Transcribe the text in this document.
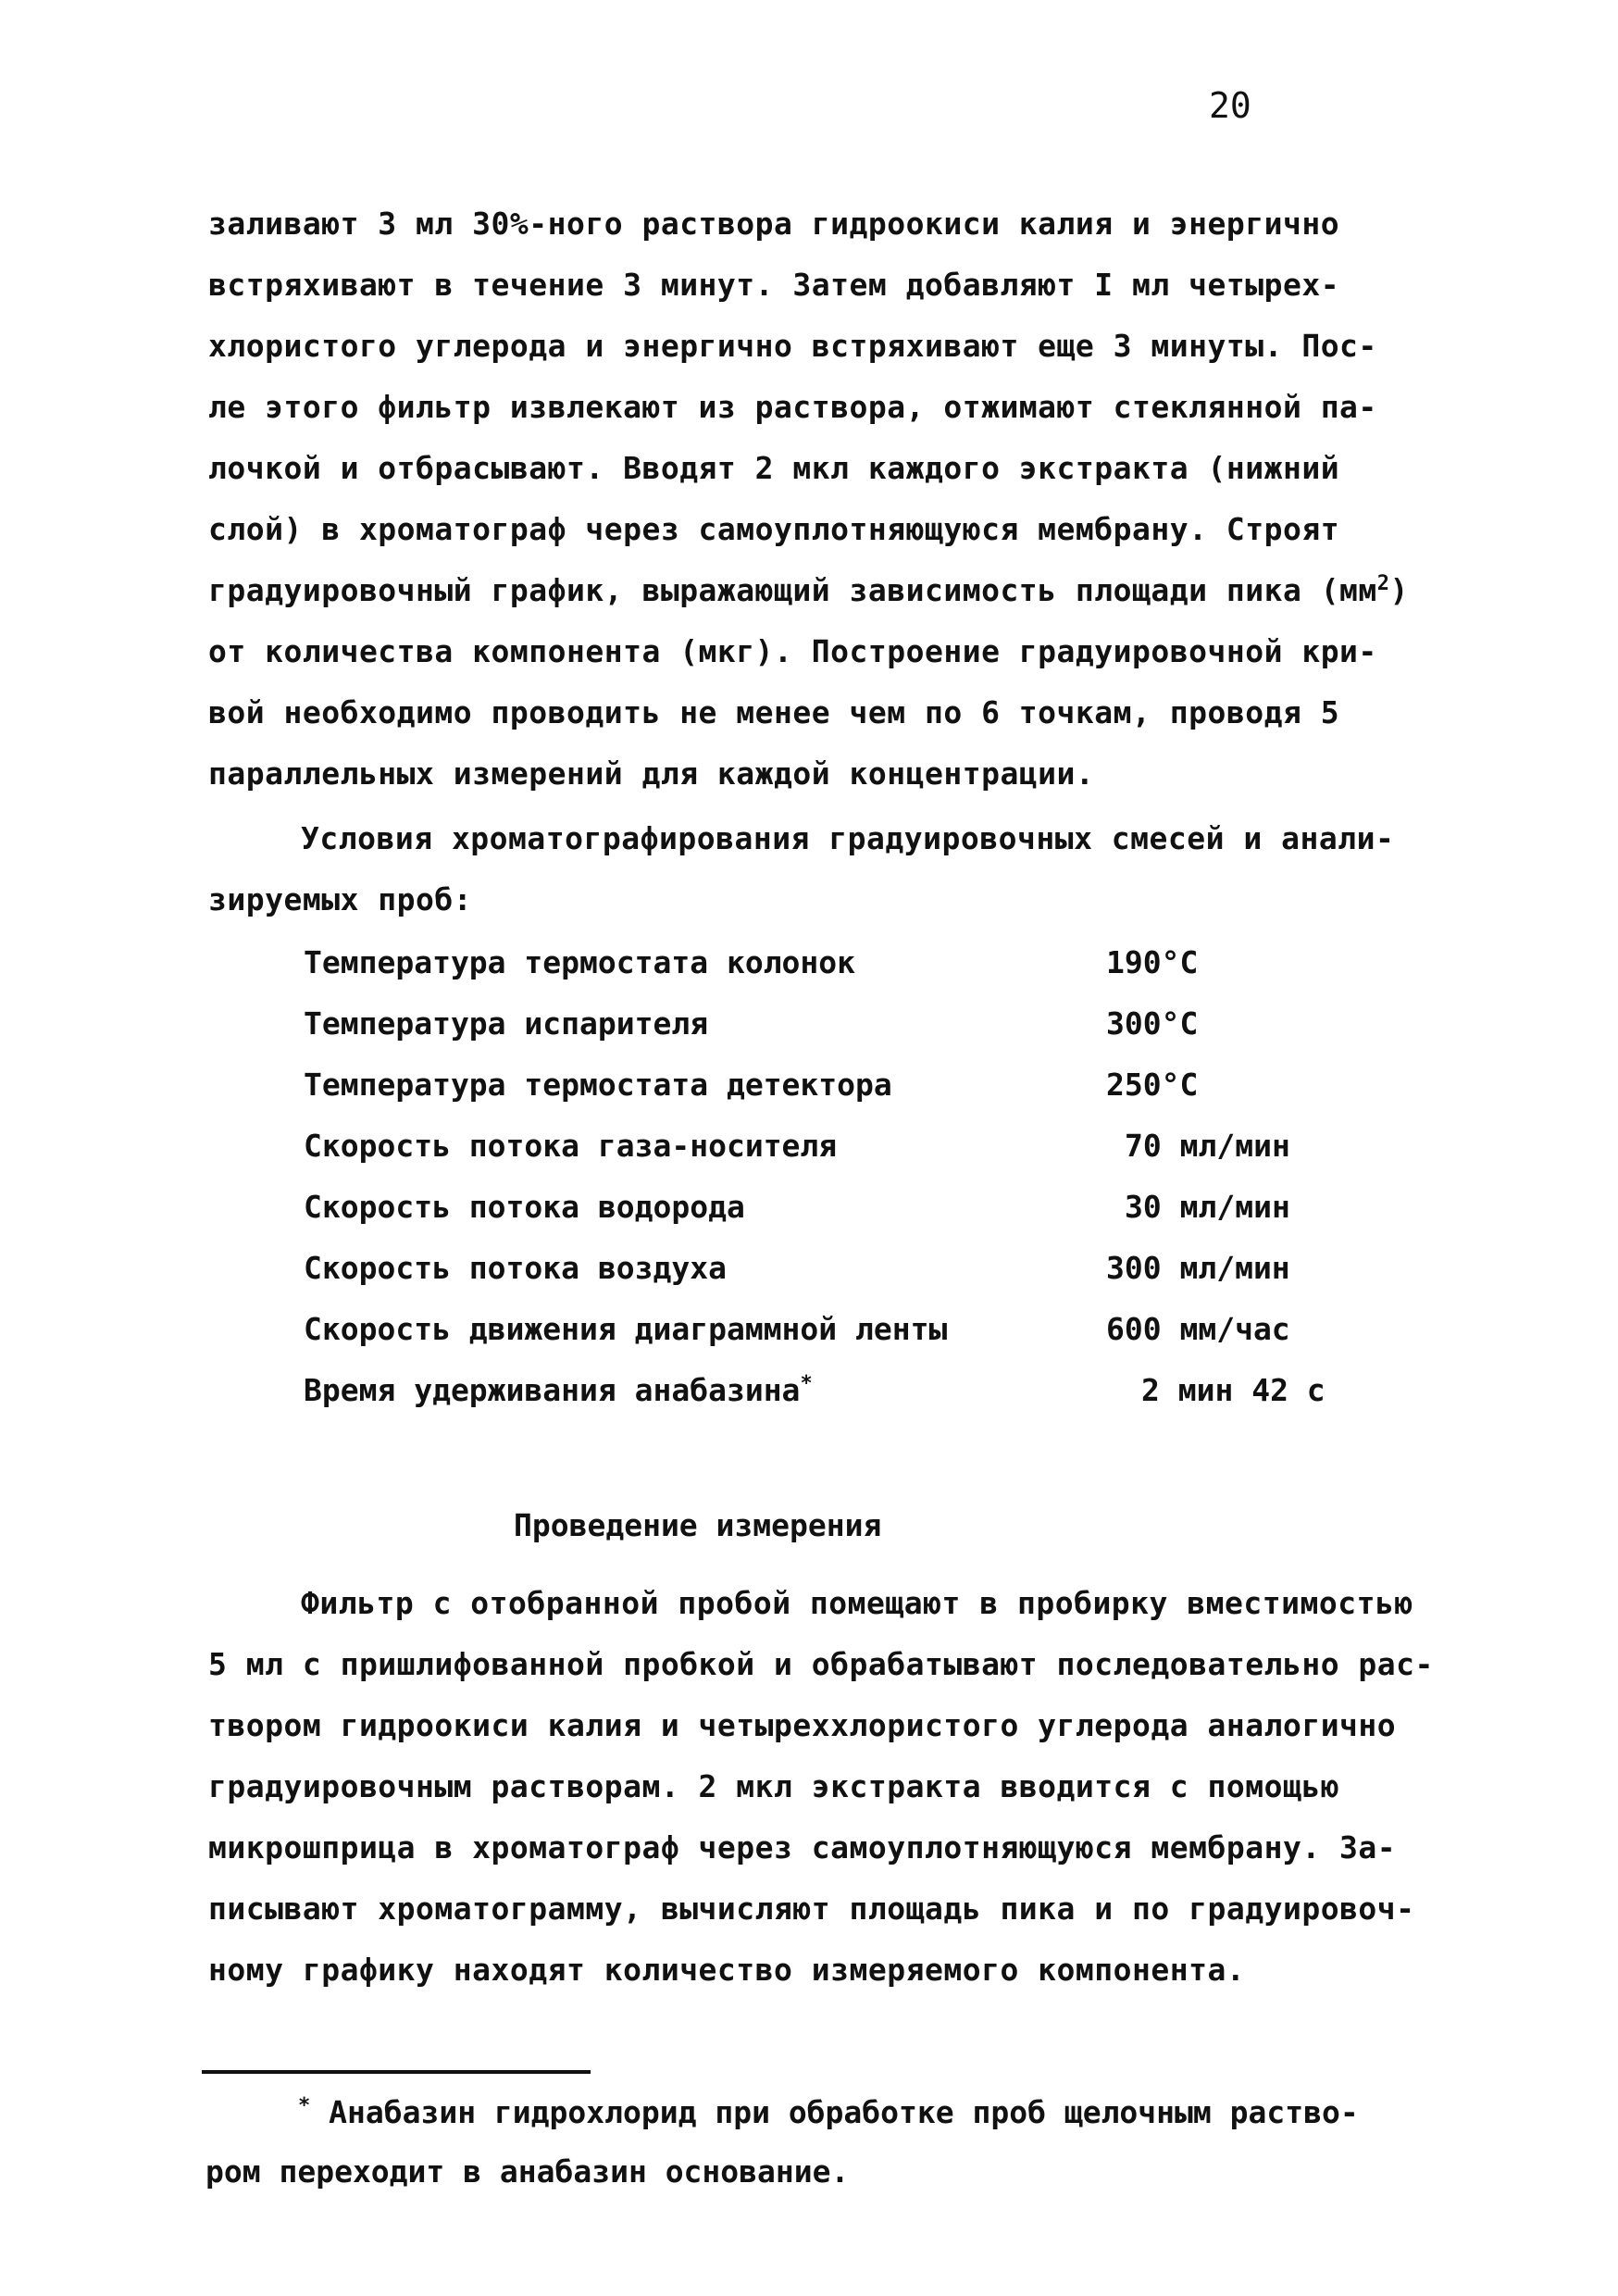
20
заливают 3 мл 30%-ного раствора гидроокиси калия и энергично
встряхивают в течение 3 минут. Затем добавляют I мл четырех-
хлористого углерода и энергично встряхивают еще 3 минуты. Пос-
ле этого фильтр извлекают из раствора, отжимают стеклянной па-
лочкой и отбрасывают. Вводят 2 мкл каждого экстракта (нижний
слой) в хроматограф через самоуплотняющуюся мембрану. Строят
градуировочный график, выражающий зависимость площади пика $(мм^2)$
от количества компонента (мкг). Построение градуировочной кри-
вой необходимо проводить не менее чем по 6 точкам, проводя 5
параллельных измерений для каждой концентрации.
Условия хроматографирования градуировочных смесей и анали-
зируемых проб:
Температура термостата колонок	190°С
Температура испарителя	300°С
Температура термостата детектора	250°С
Скорость потока газа-носителя	70 мл/мин
Скорость потока водорода	30 мл/мин
Скорость потока воздуха	300 мл/мин
Скорость движения диаграммной ленты	600 мм/час
Время удерживания анабазина*	2 мин 42 с
Проведение измерения
Фильтр с отобранной пробой помещают в пробирку вместимостью
5 мл с пришлифованной пробкой и обрабатывают последовательно рас-
твором гидроокиси калия и четыреххлористого углерода аналогично
градуировочным растворам. 2 мкл экстракта вводится с помощью
микрошприца в хроматограф через самоуплотняющуюся мембрану. За-
писывают хроматограмму, вычисляют площадь пика и по градуировоч-
ному графику находят количество измеряемого компонента.
* Анабазин гидрохлорид при обработке проб щелочным раство-
ром переходит в анабазин основание.
